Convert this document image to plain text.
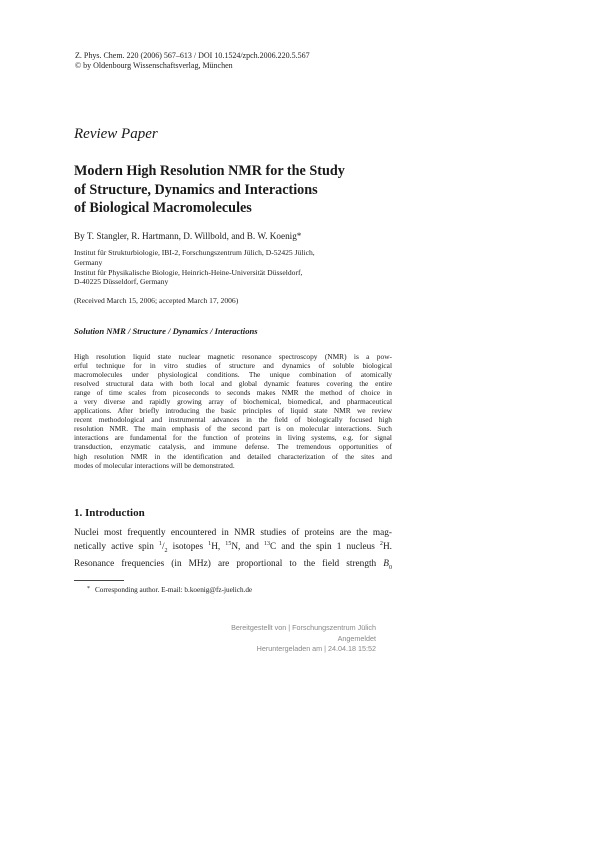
Z. Phys. Chem. 220 (2006) 567–613 / DOI 10.1524/zpch.2006.220.5.567
© by Oldenbourg Wissenschaftsverlag, München
Review Paper
Modern High Resolution NMR for the Study
of Structure, Dynamics and Interactions
of Biological Macromolecules
By T. Stangler, R. Hartmann, D. Willbold, and B. W. Koenig*
Institut für Strukturbiologie, IBI-2, Forschungszentrum Jülich, D-52425 Jülich,
Germany
Institut für Physikalische Biologie, Heinrich-Heine-Universität Düsseldorf,
D-40225 Düsseldorf, Germany
(Received March 15, 2006; accepted March 17, 2006)
Solution NMR / Structure / Dynamics / Interactions
High resolution liquid state nuclear magnetic resonance spectroscopy (NMR) is a pow-
erful technique for in vitro studies of structure and dynamics of soluble biological
macromolecules under physiological conditions. The unique combination of atomically
resolved structural data with both local and global dynamic features covering the entire
range of time scales from picoseconds to seconds makes NMR the method of choice in
a very diverse and rapidly growing array of biochemical, biomedical, and pharmaceutical
applications. After briefly introducing the basic principles of liquid state NMR we review
recent methodological and instrumental advances in the field of biologically focused high
resolution NMR. The main emphasis of the second part is on molecular interactions. Such
interactions are fundamental for the function of proteins in living systems, e.g. for signal
transduction, enzymatic catalysis, and immune defense. The tremendous opportunities of
high resolution NMR in the identification and detailed characterization of the sites and
modes of molecular interactions will be demonstrated.
1. Introduction
Nuclei most frequently encountered in NMR studies of proteins are the mag-
netically active spin $^1/_2$ isotopes $^1$H, $^{15}$N, and $^{13}$C and the spin 1 nucleus $^2$H.
Resonance frequencies (in MHz) are proportional to the field strength $B_0$
* Corresponding author. E-mail: b.koenig@fz-juelich.de
Bereitgestellt von | Forschungszentrum Jülich
Angemeldet
Heruntergeladen am | 24.04.18 15:52
